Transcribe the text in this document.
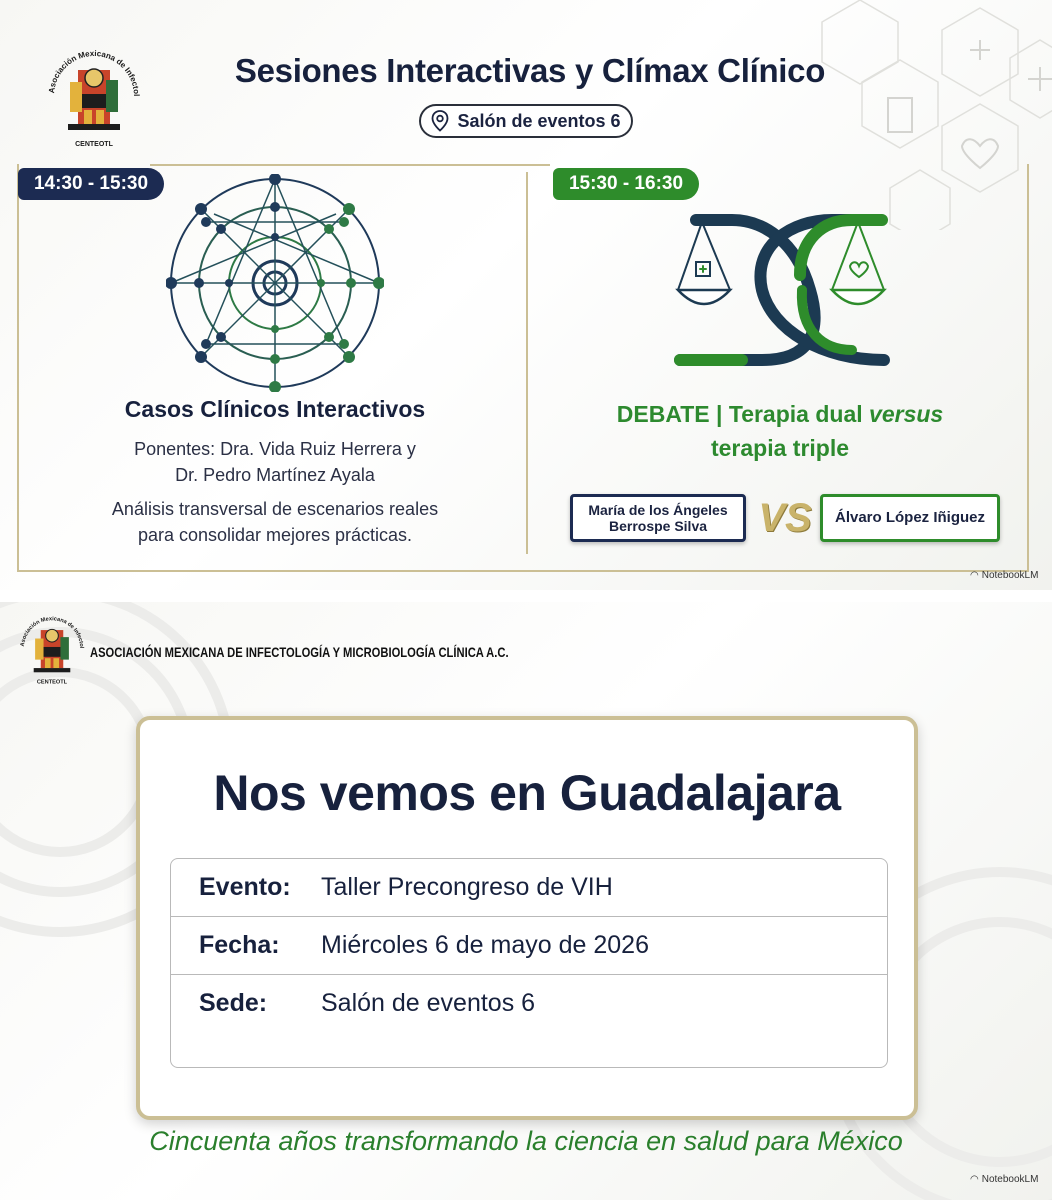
Asociación Mexicana de Infectol
CENTEOTL
Sesiones Interactivas y Clímax Clínico
Salón de eventos 6
14:30 - 15:30
Casos Clínicos Interactivos
Ponentes: Dra. Vida Ruiz Herrera y
Dr. Pedro Martínez Ayala
Análisis transversal de escenarios reales
para consolidar mejores prácticas.
15:30 - 16:30
DEBATE | Terapia dual versus
terapia triple
María de los Ángeles
Berrospe Silva	VS	Álvaro López Iñiguez
◠ NotebookLM
Asociación Mexicana de Infectol
CENTEOTL
ASOCIACIÓN MEXICANA DE INFECTOLOGÍA Y MICROBIOLOGÍA CLÍNICA A.C.
Nos vemos en Guadalajara
Evento:	Taller Precongreso de VIH
Fecha:	Miércoles 6 de mayo de 2026
Sede:	Salón de eventos 6
Cincuenta años transformando la ciencia en salud para México
◠ NotebookLM
